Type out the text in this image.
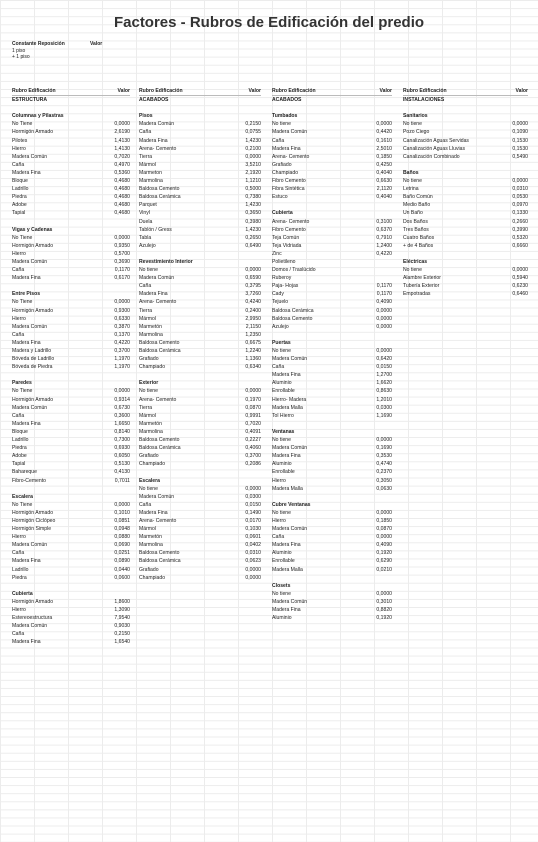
Factores - Rubros de Edificación del predio
Constante Reposición	Valor
1 piso
+ 1 piso
Rubro Edificación	Valor
ESTRUCTURA
Columnas y Pilastras
No Tiene	0,0000
Hormigón Armado	2,6190
Pilotes	1,4130
Hierro	1,4130
Madera Común	0,7020
Caña	0,4970
Madera Fina	0,5360
Bloque	0,4680
Ladrillo	0,4680
Piedra	0,4680
Adobe	0,4680
Tapial	0,4680
Vigas y Cadenas
No Tiene	0,0000
Hormigón Armado	0,9350
Hierro	0,5700
Madera Común	0,3690
Caña	0,1170
Madera Fina	0,6170
Entre Pisos
No Tiene	0,0000
Hormigón Armado	0,9300
Hierro	0,6330
Madera Común	0,3870
Caña	0,1370
Madera Fina	0,4220
Madera y Ladrillo	0,3700
Bóveda de Ladrillo	1,1970
Bóveda de Piedra	1,1970
Paredes
No Tiene	0,0000
Hormigón Armado	0,9314
Madera Común	0,6730
Caña	0,3600
Madera Fina	1,6650
Bloque	0,8140
Ladrillo	0,7300
Piedra	0,6930
Adobe	0,6050
Tapial	0,5130
Bahareque	0,4130
Fibro-Cemento	0,7011
Escalera
No Tiene	0,0000
Hormigón Armado	0,1010
Hormigón Ciclópeo	0,0851
Hormigón Simple	0,0948
Hierro	0,0880
Madera Común	0,0690
Caña	0,0251
Madera Fina	0,0890
Ladrillo	0,0440
Piedra	0,0600
Cubierta
Hormigón Armado	1,8600
Hierro	1,3090
Estereoestructura	7,9540
Madera Común	0,9030
Caña	0,2150
Madera Fina	1,6540
Rubro Edificación	Valor
ACABADOS
Pisos
Madera Común	0,2150
Caña	0,0755
Madera Fina	1,4230
Arena- Cemento	0,2100
Tierra	0,0000
Mármol	3,5210
Marmeton	2,1920
Marmolina	1,1210
Baldosa Cemento	0,5000
Baldosa Cerámica	0,7380
Parquet	1,4230
Vinyl	0,3650
Duela	0,3980
Tablón / Gress	1,4230
Tabla	0,2650
Azulejo	0,6490
Revestimiento Interior
No tiene	0,0000
Madera Común	0,6590
Caña	0,3795
Madera Fina	3,7260
Arena- Cemento	0,4240
Tierra	0,2400
Mármol	2,9950
Marmetón	2,1150
Marmolina	1,2350
Baldosa Cemento	0,6675
Baldosa Cerámica	1,2240
Grafiado	1,1360
Champiado	0,6340
Exterior
No tiene	0,0000
Arena- Cemento	0,1970
Tierra	0,0870
Mármol	0,9991
Marmetón	0,7020
Marmolina	0,4091
Baldosa Cemento	0,2227
Baldosa Cerámica	0,4060
Grafiado	0,3700
Champiado	0,2086
Escalera
No tiene	0,0000
Madera Común	0,0300
Caña	0,0150
Madera Fina	0,1490
Arena- Cemento	0,0170
Mármol	0,1030
Marmetón	0,0601
Marmolina	0,0402
Baldosa Cemento	0,0310
Baldosa Cerámica	0,0623
Grafiado	0,0000
Champiado	0,0000
Rubro Edificación	Valor
ACABADOS
Tumbados
No tiene	0,0000
Madera Común	0,4420
Caña	0,1610
Madera Fina	2,5010
Arena- Cemento	0,1850
Grafiado	0,4250
Champiado	0,4040
Fibro Cemento	0,6630
Fibra Sintética	2,1120
Estuco	0,4040
Cubierta
Arena- Cemento	0,3100
Fibro Cemento	0,6370
Teja Común	0,7910
Teja Vidriada	1,2400
Zinc	0,4220
Polietileno
Domos / Traslúcido
Ruberoy
Paja- Hojas	0,1170
Cady	0,1170
Tejuelo	0,4090
Baldosa Cerámica	0,0000
Baldosa Cemento	0,0000
Azulejo	0,0000
Puertas
No tiene	0,0000
Madera Común	0,6420
Caña	0,0150
Madera Fina	1,2700
Aluminio	1,6620
Enrollable	0,8630
Hierro- Madera	1,2010
Madera Malla	0,0300
Tol Hierro	1,1690
Ventanas
No tiene	0,0000
Madera Común	0,1690
Madera Fina	0,3530
Aluminio	0,4740
Enrollable	0,2370
Hierro	0,3050
Madera Malla	0,0630
Cubre Ventanas
No tiene	0,0000
Hierro	0,1850
Madera Común	0,0870
Caña	0,0000
Madera Fina	0,4090
Aluminio	0,1920
Enrollable	0,6290
Madera Malla	0,0210
Closets
No tiene	0,0000
Madera Común	0,3010
Madera Fina	0,8820
Aluminio	0,1920
Rubro Edificación	Valor
INSTALACIONES
Sanitarios
No tiene	0,0000
Pozo Ciego	0,1090
Canalización Aguas Servidas	0,1530
Canalización Aguas Lluvias	0,1530
Canalización Combinado	0,5490
Baños
No tiene	0,0000
Letrina	0,0310
Baño Común	0,0530
Medio Baño	0,0970
Un Baño	0,1330
Dos Baños	0,2660
Tres Baños	0,3990
Cuatro Baños	0,5320
+ de 4 Baños	0,6660
Eléctricas
No tiene	0,0000
Alambre Exterior	0,5940
Tubería Exterior	0,6230
Empotradas	0,6460
